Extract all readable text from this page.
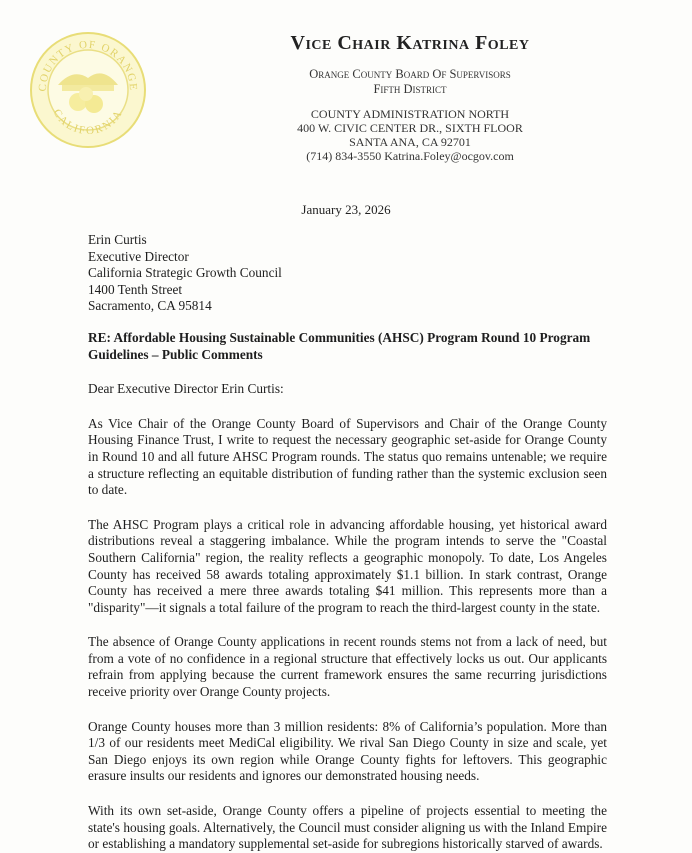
COUNTY OF ORANGE
CALIFORNIA
Vice Chair Katrina Foley
Orange County Board Of Supervisors
Fifth District
COUNTY ADMINISTRATION NORTH
400 W. CIVIC CENTER DR., SIXTH FLOOR
SANTA ANA, CA 92701
(714) 834-3550 Katrina.Foley@ocgov.com
January 23, 2026
Erin Curtis
Executive Director
California Strategic Growth Council
1400 Tenth Street
Sacramento, CA 95814
RE: Affordable Housing Sustainable Communities (AHSC) Program Round 10 Program Guidelines – Public Comments
Dear Executive Director Erin Curtis:
As Vice Chair of the Orange County Board of Supervisors and Chair of the Orange County Housing Finance Trust, I write to request the necessary geographic set-aside for Orange County in Round 10 and all future AHSC Program rounds. The status quo remains untenable; we require a structure reflecting an equitable distribution of funding rather than the systemic exclusion seen to date.
The AHSC Program plays a critical role in advancing affordable housing, yet historical award distributions reveal a staggering imbalance. While the program intends to serve the "Coastal Southern California" region, the reality reflects a geographic monopoly. To date, Los Angeles County has received 58 awards totaling approximately $1.1 billion. In stark contrast, Orange County has received a mere three awards totaling $41 million. This represents more than a "disparity"—it signals a total failure of the program to reach the third-largest county in the state.
The absence of Orange County applications in recent rounds stems not from a lack of need, but from a vote of no confidence in a regional structure that effectively locks us out. Our applicants refrain from applying because the current framework ensures the same recurring jurisdictions receive priority over Orange County projects.
Orange County houses more than 3 million residents: 8% of California’s population. More than 1/3 of our residents meet MediCal eligibility. We rival San Diego County in size and scale, yet San Diego enjoys its own region while Orange County fights for leftovers. This geographic erasure insults our residents and ignores our demonstrated housing needs.
With its own set-aside, Orange County offers a pipeline of projects essential to meeting the state's housing goals. Alternatively, the Council must consider aligning us with the Inland Empire or establishing a mandatory supplemental set-aside for subregions historically starved of awards.
